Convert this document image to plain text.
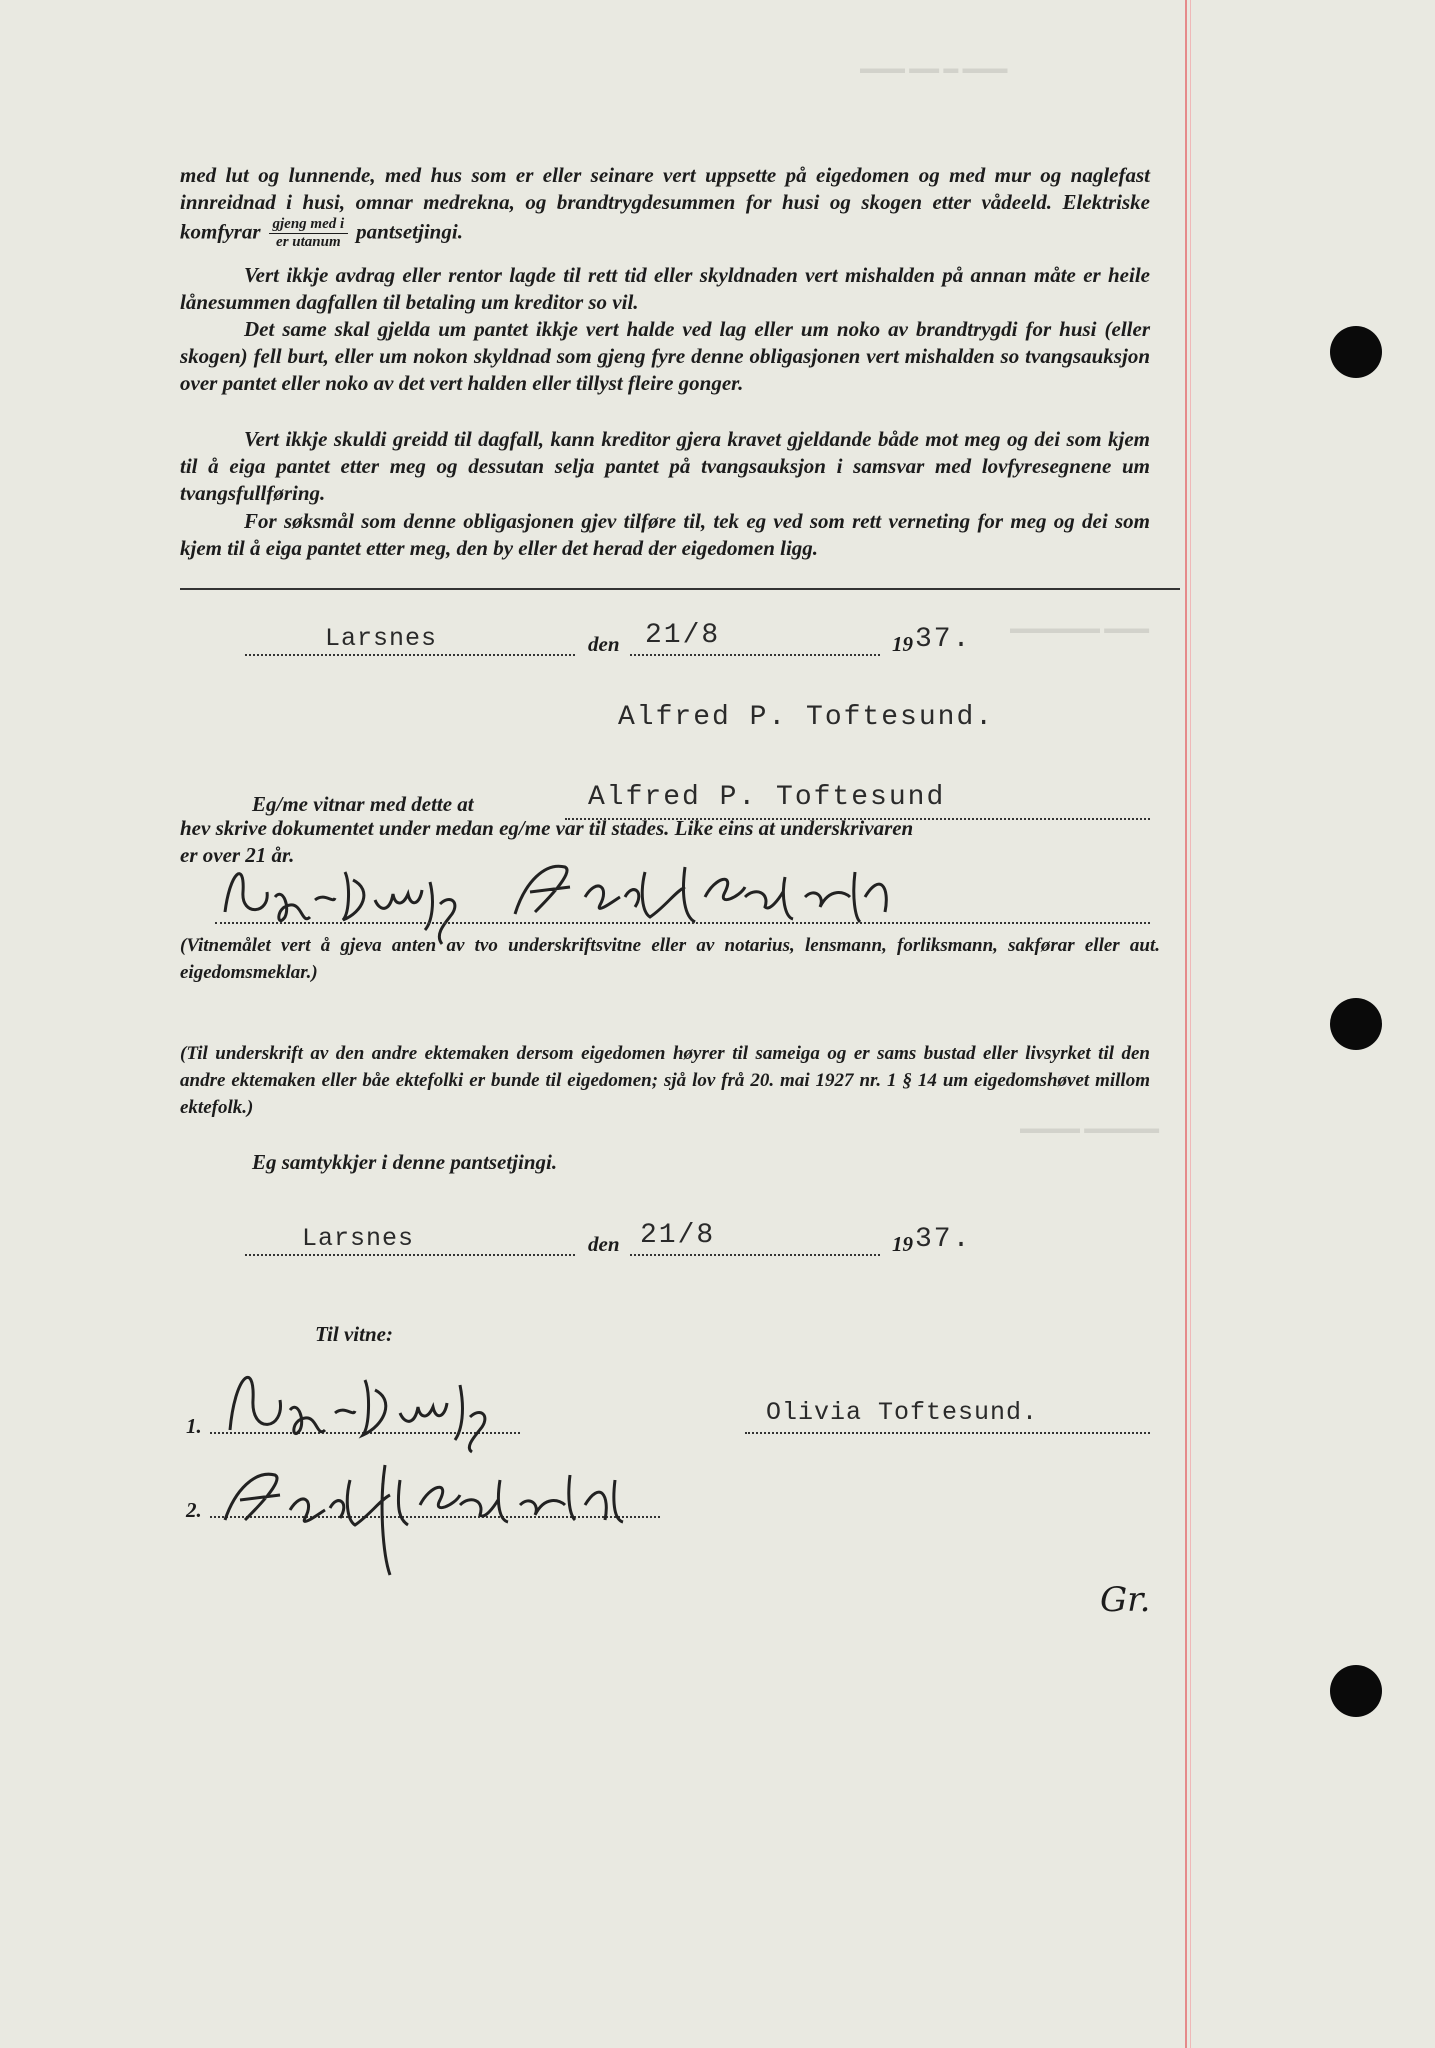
▬▬▬ ▬▬ ▬ ▬▬▬
▬▬▬▬▬▬ ▬▬▬
▬▬▬▬ ▬▬▬▬▬

med lut og lunnende, med hus som er eller seinare vert uppsette på eigedomen og med mur og naglefast innreidnad i husi, omnar medrekna, og brandtrygdesummen for husi og skogen etter vådeeld. Elektriske komfyrar $\frac{\text{gjeng med i}}{\text{er utanum}}$ pantsetjingi.

Vert ikkje avdrag eller rentor lagde til rett tid eller skyldnaden vert mishalden på annan måte er heile lånesummen dagfallen til betaling um kreditor so vil.

Det same skal gjelda um pantet ikkje vert halde ved lag eller um noko av brandtrygdi for husi (eller skogen) fell burt, eller um nokon skyldnad som gjeng fyre denne obligasjonen vert mishalden so tvangsauksjon over pantet eller noko av det vert halden eller tillyst fleire gonger.

Vert ikkje skuldi greidd til dagfall, kann kreditor gjera kravet gjeldande både mot meg og dei som kjem til å eiga pantet etter meg og dessutan selja pantet på tvangsauksjon i samsvar med lovfyresegnene um tvangsfullføring.

For søksmål som denne obligasjonen gjev tilføre til, tek eg ved som rett verneting for meg og dei som kjem til å eiga pantet etter meg, den by eller det herad der eigedomen ligg.

Larsnes	den 21/8	19 37.
Alfred P. Toftesund.
Eg/me vitnar med dette at	Alfred P. Toftesund
hev skrive dokumentet under medan eg/me var til stades. Like eins at underskrivaren
er over 21 år.
(Vitnemålet vert å gjeva anten av tvo underskriftsvitne eller av notarius, lensmann, forliksmann, sakførar eller aut. eigedomsmeklar.)
(Til underskrift av den andre ektemaken dersom eigedomen høyrer til sameiga og er sams bustad eller livsyrket til den andre ektemaken eller båe ektefolki er bunde til eigedomen; sjå lov frå 20. mai 1927 nr. 1 § 14 um eigedomshøvet millom ektefolk.)
Eg samtykkjer i denne pantsetjingi.
Larsnes	den 21/8	19 37.
Til vitne:
1.	Olivia Toftesund.
2.
Gr.
